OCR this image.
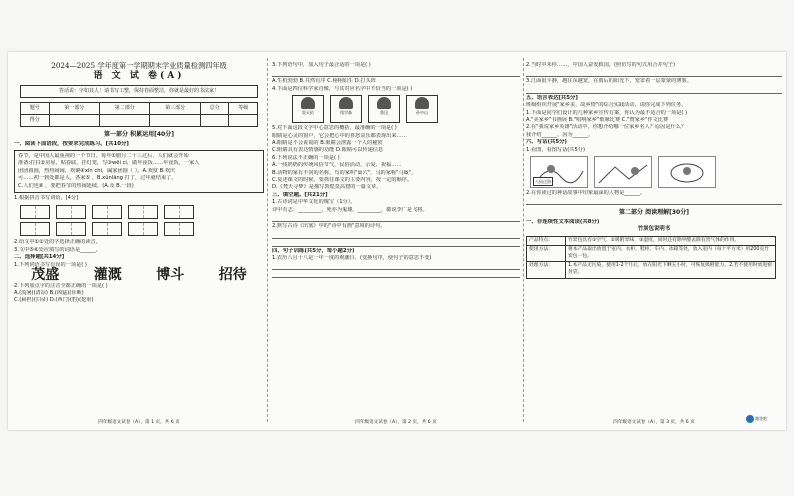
2024—2025 学年度第一学期期末学业质量检测四年级
语 文 试 卷(A)
答话说：字如其人！请书写工整，保持卷面整洁，你就是最好的书法家！
题号	第一部分	第二部分	第三部分	总分	等级
得分					
第一部分 积累运用[40分]
一、阅读下面语段，按要求完成练习。[共10分]
春节，是中国人最重视的一个节日。每年①腊月二十三过后，人们就会开始
准备:打扫②房屋，贴春联，挂灯笼，写③wēi cí，做年夜饭……年夜饭，一家人
团团圆圆，热热闹闹，欢聚④xīn chí，阖家团圆（ ）。A.欢度 B.欢庆
可……初一到处都是人，各家⑤ 。B.xǔnlǎng 打了，过年就结束了。
C.人们也⑥ ，要把春节的热闹延续。(A.及 B.一段)
1.根据拼音书写词语。[4分]
2.给文中①②处的字选择正确的读音。
3.文中⑤⑥处应填写的词语是______。
二、选择题[共14分]
1.下列词语书写有误的一项是( )
茂盛 灌溉 博斗 招待
2.下列加点字的注音全都正确的一项是( )
A.(流暑)(清凉) B.(凶猛)(诊断)
C.(扁担)(扫帚) D.(西门)(豹)(挖渠)
四年级语文试卷（A），第 1 页，共 6 页
3.下列语句中，加入句子最合适的一项是( )
A.生机勃勃 B.井然有序 C.栩栩如生 D.打头阵
4.下面是四位科学家肖像，与其对应名字中不恰当的一项是( )
詹天佑	钱学森	鲁迅	孙中山
5.对下面这段文字中心意思的概括，最准确的一项是( )
眼睛是心灵的窗户，它会把心中的喜怒哀乐都表现出来……
A.眼睛是不会说谎的 B.眼睛会泄露一个人的秘密
C.眼睛具有表达情感的功能 D.眼睛可以传递信息
6.下列说法不正确的一项是( )
A.一线奶奶的传统风俗节气，民俗活动，示爱、祝福……
B.动物的家有不同的名称，鸟的家叫"巢穴"，马的家称"马厩"。
C.复述课文的时候，要抓住课文的主要内容，按一定的顺序。
D.《梵天寻梦》是描写敦煌莫高窟的一篇文章。
三、填空题。[共21分]
1.古诗词是中华文化的瑰宝（1分）。
诗中有志：_________，死亦为鬼雄。_________，都说李广是飞将。
2.默写古诗《出塞》中的"诗中有画"意境的诗句。
四、句子训练(共5分，每小题2分)
1.农历八月十八是一年一度的观潮日。(变换句序，使句子的意思不变)
四年级语文试卷（A），第 2 页，共 6 页
2.当时中未停……，中国人奋发救国。(照仿写的句式用合并句子)
3.江面很平静，越往东越宽，在雨后的阳光下，笼罩着一层蒙蒙的薄雾。
五、语言表达[共5分]
班级组织开展"家乡美，故乡情"的综合实践活动，请你完成下列任务。
1.下面是同学们设计的几种家乡宣传方案，你认为最不适合的一项是( )
A."美家乡"书画展 B."唱响家乡"歌咏比赛 C."赞家乡"作文比赛
2.在"我说家乡英雄"活动中，你想介绍哪一位家乡名人？原因是什么？
我介绍______，因为______。
六、写话(共5分)
1.看图，看图写话(共5分)
八仙过海
2.在你读过的神话故事中印象最深的人物是______。
第二部分 阅读理解[30分]
一、非连续性文本阅读(共8分)
竹炭包说明书
产品特点:	竹炭包具有①空气、②吸附异味、③湿度，同时还有除甲醛去除有害气体的作用。
使用方法:	将本产品取出放置于室内、衣柜、鞋柜、车内、冰箱等处，放入室内（每十平方米）用200克竹炭包一包。
处理方法:	1.本产品无污染，使用1-2个月后，放在阳光下晒五小时，可恢复吸附能力。2.若不使用时放进密封袋。
四年级语文试卷（A），第 3 页，共 6 页
趣答吧
